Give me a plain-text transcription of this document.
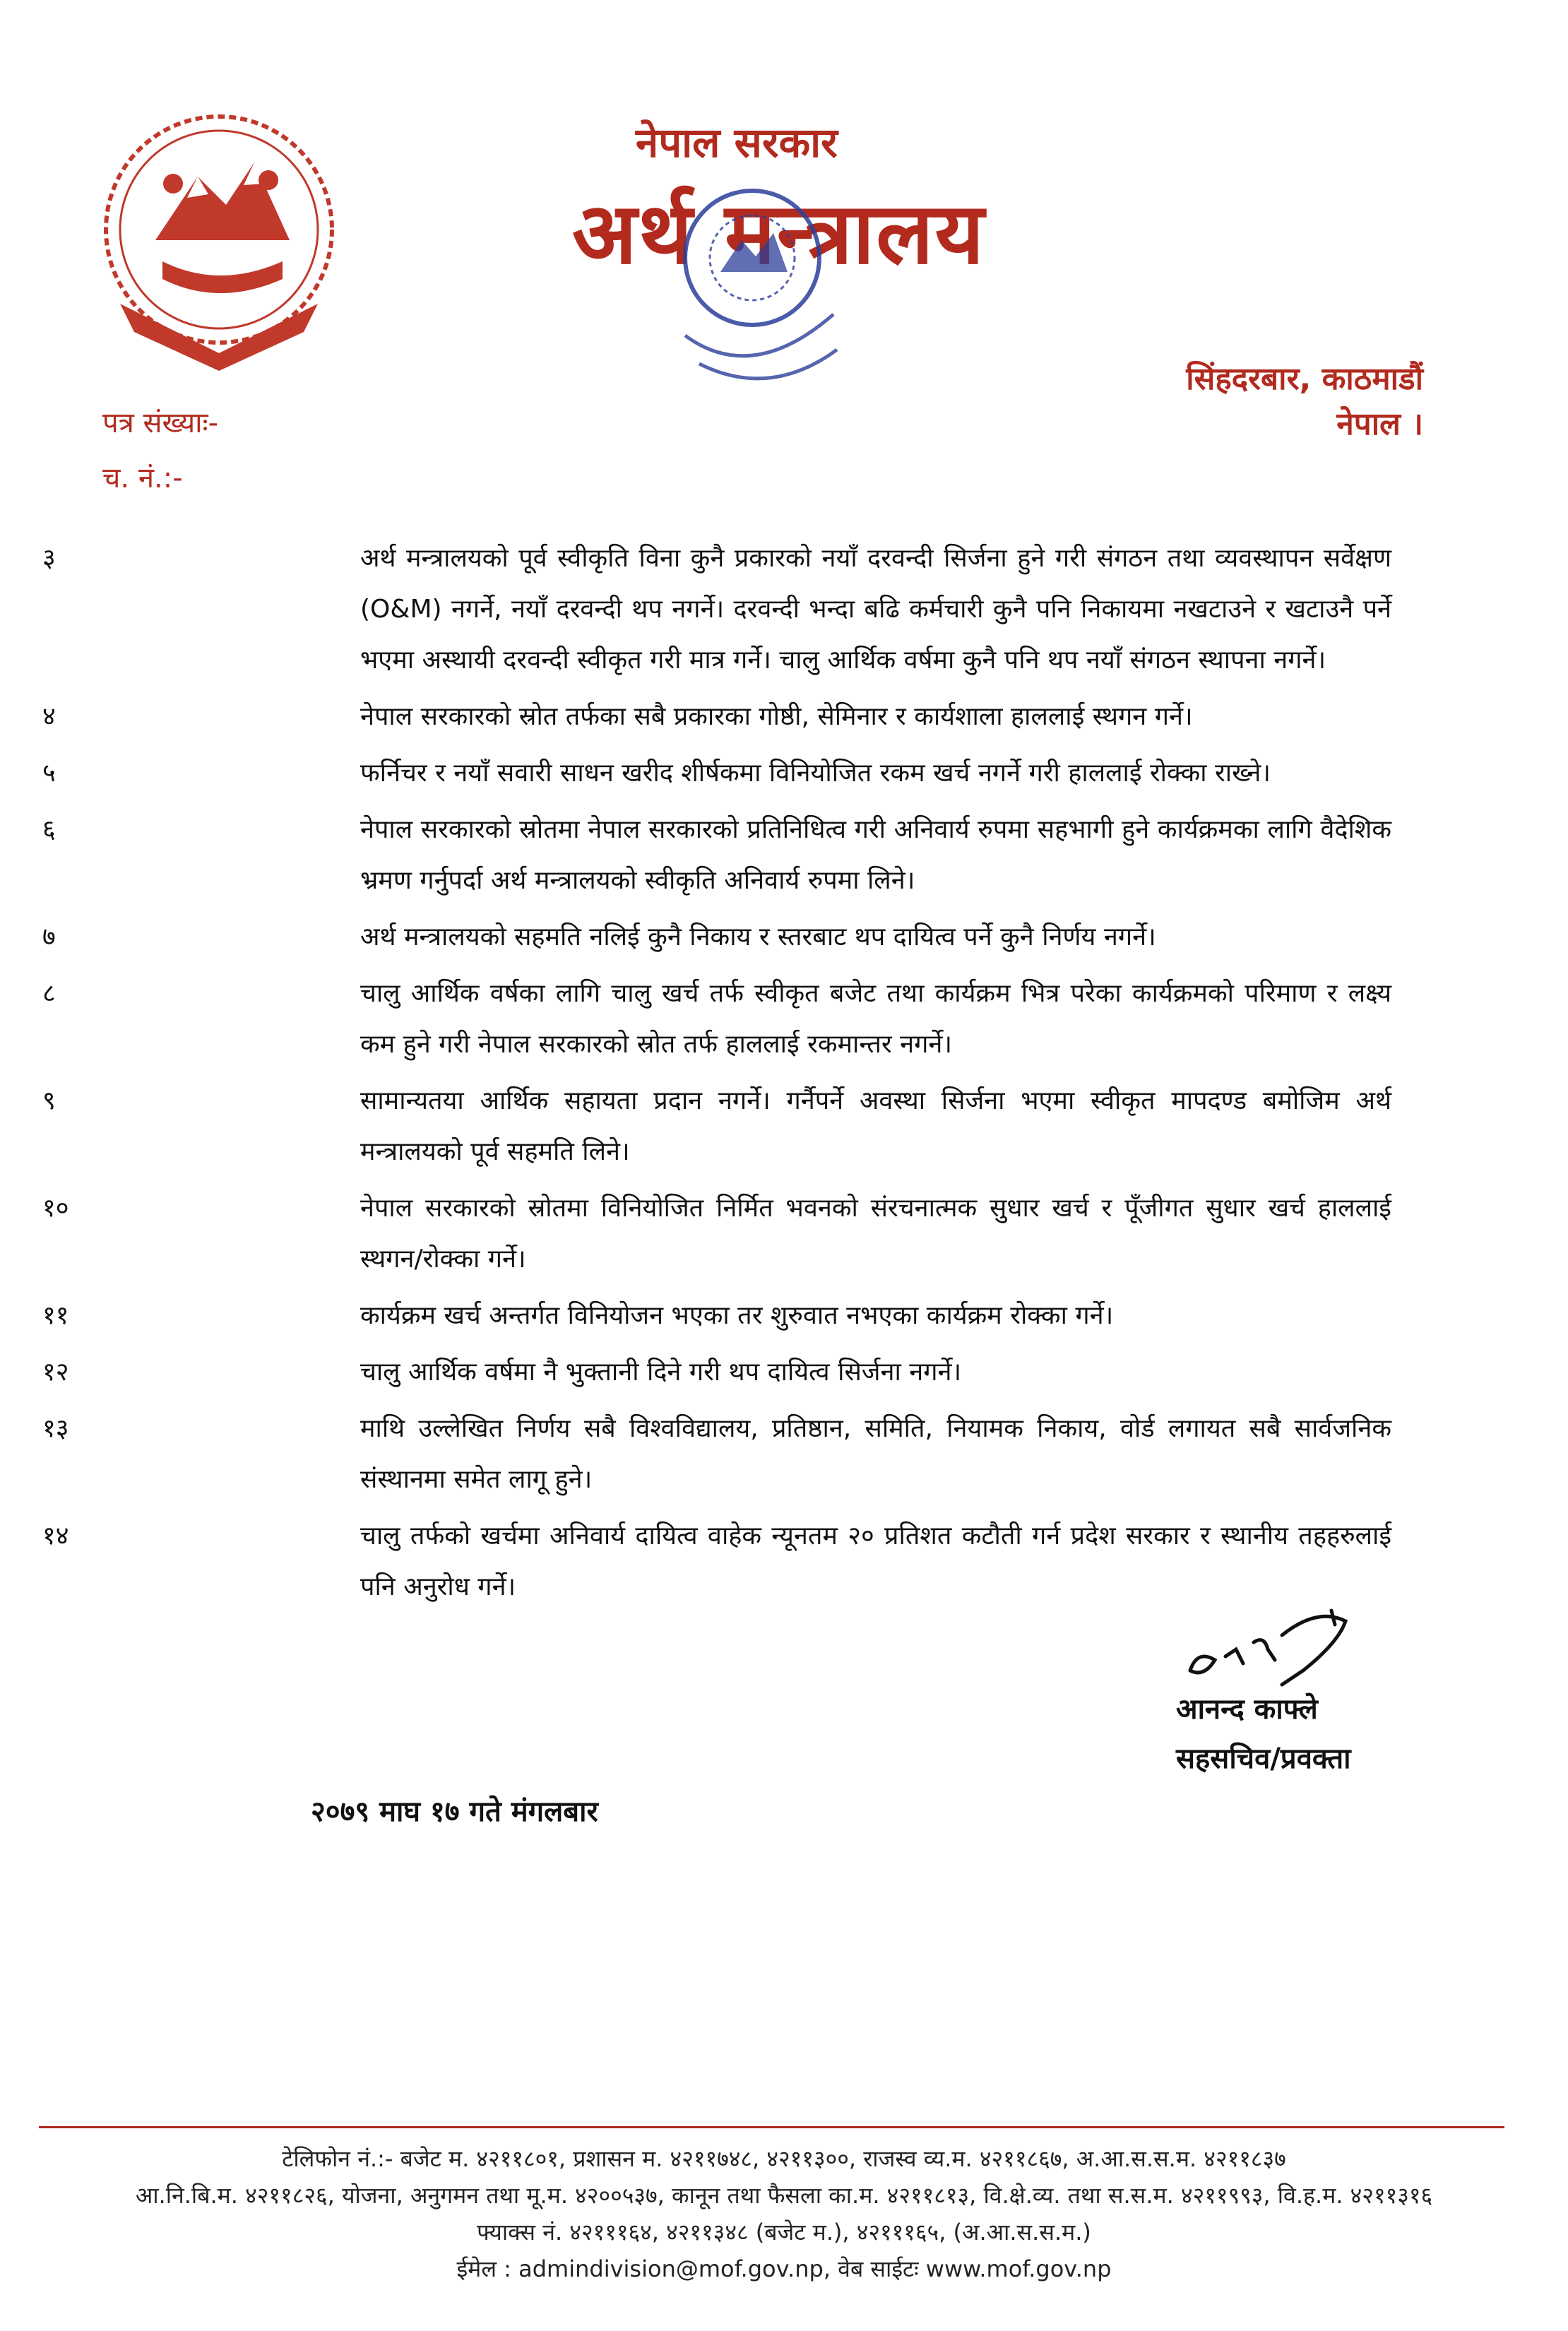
नेपाल सरकार
अर्थ मन्त्रालय
सिंहदरबार, काठमाडौं
नेपाल ।
पत्र संख्याः-
च. नं.:-
३	अर्थ मन्त्रालयको पूर्व स्वीकृति विना कुनै प्रकारको नयाँ दरवन्दी सिर्जना हुने गरी संगठन तथा व्यवस्थापन सर्वेक्षण (O&M) नगर्ने, नयाँ दरवन्दी थप नगर्ने। दरवन्दी भन्दा बढि कर्मचारी कुनै पनि निकायमा नखटाउने र खटाउनै पर्ने भएमा अस्थायी दरवन्दी स्वीकृत गरी मात्र गर्ने। चालु आर्थिक वर्षमा कुनै पनि थप नयाँ संगठन स्थापना नगर्ने।
४	नेपाल सरकारको स्रोत तर्फका सबै प्रकारका गोष्ठी, सेमिनार र कार्यशाला हाललाई स्थगन गर्ने।
५	फर्निचर र नयाँ सवारी साधन खरीद शीर्षकमा विनियोजित रकम खर्च नगर्ने गरी हाललाई रोक्का राख्ने।
६	नेपाल सरकारको स्रोतमा नेपाल सरकारको प्रतिनिधित्व गरी अनिवार्य रुपमा सहभागी हुने कार्यक्रमका लागि वैदेशिक भ्रमण गर्नुपर्दा अर्थ मन्त्रालयको स्वीकृति अनिवार्य रुपमा लिने।
७	अर्थ मन्त्रालयको सहमति नलिई कुनै निकाय र स्तरबाट थप दायित्व पर्ने कुनै निर्णय नगर्ने।
८	चालु आर्थिक वर्षका लागि चालु खर्च तर्फ स्वीकृत बजेट तथा कार्यक्रम भित्र परेका कार्यक्रमको परिमाण र लक्ष्य कम हुने गरी नेपाल सरकारको स्रोत तर्फ हाललाई रकमान्तर नगर्ने।
९	सामान्यतया आर्थिक सहायता प्रदान नगर्ने। गर्नैपर्ने अवस्था सिर्जना भएमा स्वीकृत मापदण्ड बमोजिम अर्थ मन्त्रालयको पूर्व सहमति लिने।
१०	नेपाल सरकारको स्रोतमा विनियोजित निर्मित भवनको संरचनात्मक सुधार खर्च र पूँजीगत सुधार खर्च हाललाई स्थगन/रोक्का गर्ने।
११	कार्यक्रम खर्च अन्तर्गत विनियोजन भएका तर शुरुवात नभएका कार्यक्रम रोक्का गर्ने।
१२	चालु आर्थिक वर्षमा नै भुक्तानी दिने गरी थप दायित्व सिर्जना नगर्ने।
१३	माथि उल्लेखित निर्णय सबै विश्वविद्यालय, प्रतिष्ठान, समिति, नियामक निकाय, वोर्ड लगायत सबै सार्वजनिक संस्थानमा समेत लागू हुने।
१४	चालु तर्फको खर्चमा अनिवार्य दायित्व वाहेक न्यूनतम २० प्रतिशत कटौती गर्न प्रदेश सरकार र स्थानीय तहहरुलाई पनि अनुरोध गर्ने।
आनन्द काफ्ले
सहसचिव/प्रवक्ता
२०७९ माघ १७ गते मंगलबार
टेलिफोन नं.:- बजेट म. ४२११८०१, प्रशासन म. ४२११७४८, ४२११३००, राजस्व व्य.म. ४२११८६७, अ.आ.स.स.म. ४२११८३७
आ.नि.बि.म. ४२११८२६, योजना, अनुगमन तथा मू.म. ४२००५३७, कानून तथा फैसला का.म. ४२११८१३, वि.क्षे.व्य. तथा स.स.म. ४२११९९३, वि.ह.म. ४२११३१६
फ्याक्स नं. ४२१११६४, ४२११३४८ (बजेट म.), ४२१११६५, (अ.आ.स.स.म.)
ईमेल : admindivision@mof.gov.np, वेब साईटः www.mof.gov.np
